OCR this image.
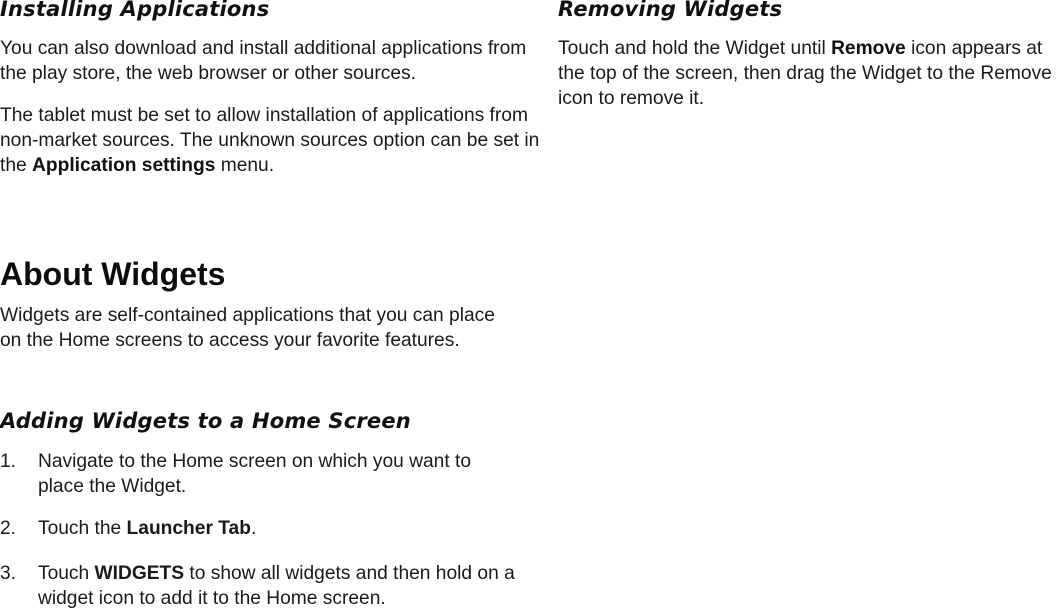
Installing Applications

You can also download and install additional applications from the play store, the web browser or other sources.

The tablet must be set to allow installation of applications from non-market sources. The unknown sources option can be set in the Application settings menu.

About Widgets

Widgets are self-contained applications that you can place on the Home screens to access your favorite features.

Adding Widgets to a Home Screen
1. Navigate to the Home screen on which you want to place the Widget.
2. Touch the Launcher Tab.
3. Touch WIDGETS to show all widgets and then hold on a widget icon to add it to the Home screen.
Removing Widgets

Touch and hold the Widget until Remove icon appears at the top of the screen, then drag the Widget to the Remove icon to remove it.
